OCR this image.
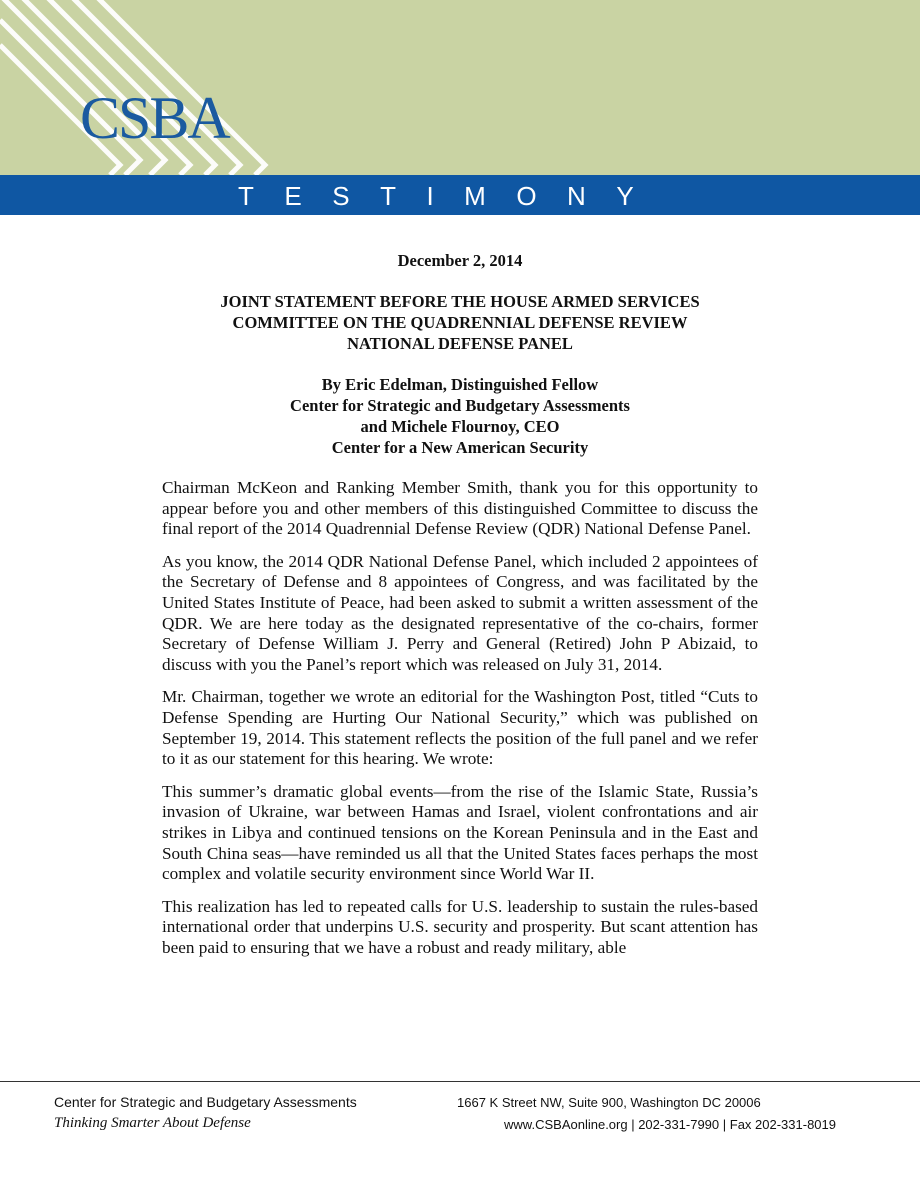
CSBA
TESTIMONY

December 2, 2014

JOINT STATEMENT BEFORE THE HOUSE ARMED SERVICES

COMMITTEE ON THE QUADRENNIAL DEFENSE REVIEW

NATIONAL DEFENSE PANEL

By Eric Edelman, Distinguished Fellow

Center for Strategic and Budgetary Assessments

and Michele Flournoy, CEO

Center for a New American Security

Chairman McKeon and Ranking Member Smith, thank you for this opportunity to appear before you and other members of this distinguished Committee to discuss the final report of the 2014 Quadrennial Defense Review (QDR) National Defense Panel.

As you know, the 2014 QDR National Defense Panel, which included 2 appointees of the Secretary of Defense and 8 appointees of Congress, and was facilitated by the United States Institute of Peace, had been asked to submit a written assessment of the QDR. We are here today as the designated representative of the co-chairs, former Secretary of Defense William J. Perry and General (Retired) John P Abizaid, to discuss with you the Panel’s report which was released on July 31, 2014.

Mr. Chairman, together we wrote an editorial for the Washington Post, titled “Cuts to Defense Spending are Hurting Our National Security,” which was published on September 19, 2014. This statement reflects the position of the full panel and we refer to it as our statement for this hearing. We wrote:

This summer’s dramatic global events—from the rise of the Islamic State, Russia’s invasion of Ukraine, war between Hamas and Israel, violent confrontations and air strikes in Libya and continued tensions on the Korean Peninsula and in the East and South China seas—have reminded us all that the United States faces perhaps the most complex and volatile security environment since World War II.

This realization has led to repeated calls for U.S. leadership to sustain the rules-based international order that underpins U.S. security and prosperity. But scant attention has been paid to ensuring that we have a robust and ready military, able

Center for Strategic and Budgetary Assessments
Thinking Smarter About Defense
1667 K Street NW, Suite 900, Washington DC 20006
www.CSBAonline.org | 202-331-7990 | Fax 202-331-8019
